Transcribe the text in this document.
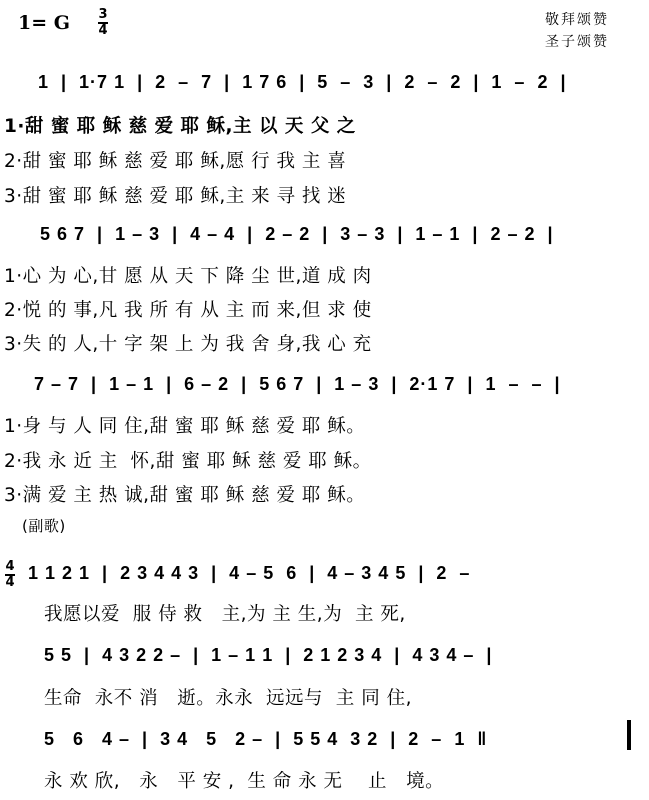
1= G 3
4
敬拜颂赞
圣子颂赞
1  |  1·7 1  |  2  –  7  |  1 7 6  |  5  –  3  |  2  –  2  |  1  –  2  |
1·甜 蜜 耶 稣 慈 爱 耶 稣,主 以 天 父 之
2·甜 蜜 耶 稣 慈 爱 耶 稣,愿 行 我 主 喜
3·甜 蜜 耶 稣 慈 爱 耶 稣,主 来 寻 找 迷
5 6 7  |  1 – 3  |  4 – 4  |  2 – 2  |  3 – 3  |  1 – 1  |  2 – 2  |
1·心 为 心,甘 愿 从 天 下 降 尘 世,道 成 肉
2·悦 的 事,凡 我 所 有 从 主 而 来,但 求 使
3·失 的 人,十 字 架 上 为 我 舍 身,我 心 充
7 – 7  |  1 – 1  |  6 – 2  |  5 6 7  |  1 – 3  |  2·1 7  |  1  –  –  |
1·身 与 人 同 住,甜 蜜 耶 稣 慈 爱 耶 稣。
2·我 永 近 主  怀,甜 蜜 耶 稣 慈 爱 耶 稣。
3·满 爱 主 热 诚,甜 蜜 耶 稣 慈 爱 耶 稣。
(副歌)
4
4 1 1 2 1  |  2 3 4 4 3  |  4 – 5  6  |  4 – 3 4 5  |  2  –
我愿以爱  服 侍 救   主,为 主 生,为  主 死,
5 5  |  4 3 2 2 –  |  1 – 1 1  |  2 1 2 3 4  |  4 3 4 –  |
生命  永不 消   逝。永永  远远与  主 同 住,
5   6   4 –  |  3 4   5   2 –  |  5 5 4  3 2  |  2  –  1  ‖
永 欢 欣,   永   平 安 ,  生 命 永 无    止   境。
